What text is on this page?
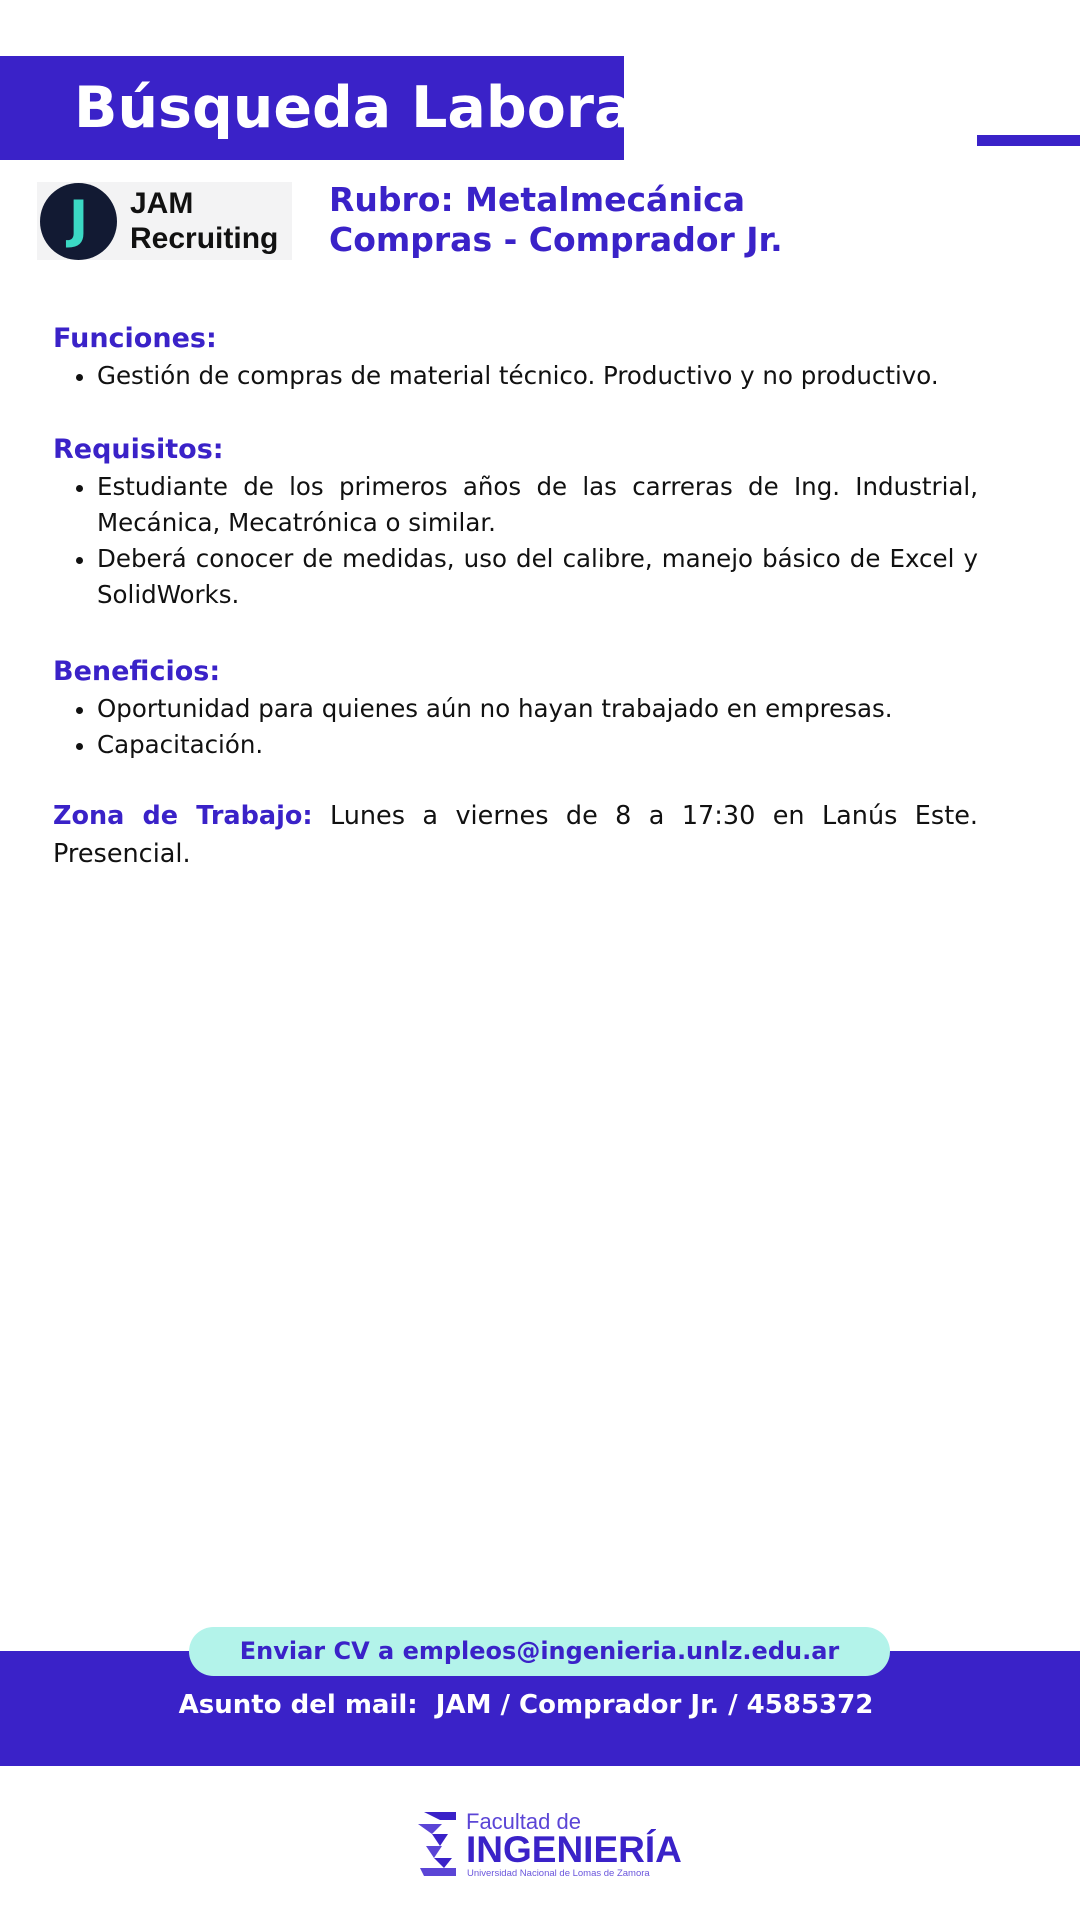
Búsqueda Laboral
J	JAM
Recruiting
Rubro: Metalmecánica
Compras - Comprador Jr.

Funciones:

• Gestión de compras de material técnico. Productivo y no productivo.

Requisitos:

• Estudiante de los primeros años de las carreras de Ing. Industrial, Mecánica, Mecatrónica o similar.
• Deberá conocer de medidas, uso del calibre, manejo básico de Excel y SolidWorks.

Beneficios:

• Oportunidad para quienes aún no hayan trabajado en empresas.
• Capacitación.
Zona de Trabajo: Lunes a viernes de 8 a 17:30 en Lanús Este. Presencial.
Enviar CV a empleos@ingenieria.unlz.edu.ar
Asunto del mail:  JAM / Comprador Jr. / 4585372
Facultad de
INGENIERÍA
Universidad Nacional de Lomas de Zamora
